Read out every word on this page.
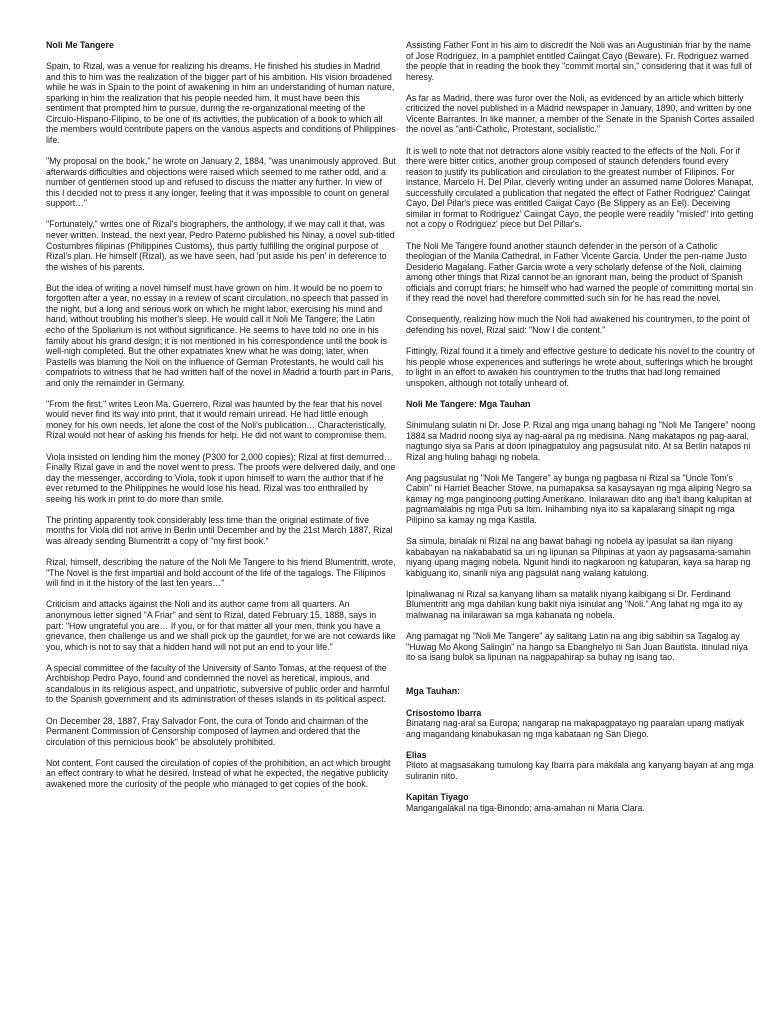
Noli Me Tangere

Spain, to Rizal, was a venue for realizing his dreams. He finished his studies in Madrid and this to him was the realization of the bigger part of his ambition. His vision broadened while he was in Spain to the point of awakening in him an understanding of human nature, sparking in him the realization that his people needed him. It must have been this sentiment that prompted him to pursue, during the re-organizational meeting of the Circulo-Hispano-Filipino, to be one of its activities, the publication of a book to which all the members would contribute papers on the various aspects and conditions of Philippines life.

"My proposal on the book," he wrote on January 2, 1884, "was unanimously approved. But afterwards difficulties and objections were raised which seemed to me rather odd, and a number of gentlemen stood up and refused to discuss the matter any further. In view of this I decided not to press it any longer, feeling that it was impossible to count on general support…"

"Fortunately," writes one of Rizal's biographers, the anthology, if we may call it that, was never written. Instead, the next year, Pedro Paterno published his Ninay, a novel sub-titled Costumbres filipinas (Philippines Customs), thus partly fulfilling the original purpose of Rizal's plan. He himself (Rizal), as we have seen, had 'put aside his pen' in deference to the wishes of his parents.

But the idea of writing a novel himself must have grown on him. It would be no poem to forgotten after a year, no essay in a review of scant circulation, no speech that passed in the night, but a long and serious work on which he might labor, exercising his mind and hand, without troubling his mother's sleep. He would call it Noli Me Tangere; the Latin echo of the Spoliarium is not without significance. He seems to have told no one in his family about his grand design; it is not mentioned in his correspondence until the book is well-nigh completed. But the other expatriates knew what he was doing; later, when Pastells was blaming the Noli on the influence of German Protestants, he would call his compatriots to witness that he had written half of the novel in Madrid a fourth part in Paris, and only the remainder in Germany.

"From the first," writes Leon Ma. Guerrero, Rizal was haunted by the fear that his novel would never find its way into print, that it would remain unread. He had little enough money for his own needs, let alone the cost of the Noli's publication… Characteristically, Rizal would not hear of asking his friends for help. He did not want to compromise them.

Viola insisted on lending him the money (P300 for 2,000 copies); Rizal at first demurred… Finally Rizal gave in and the novel went to press. The proofs were delivered daily, and one day the messenger, according to Viola, took it upon himself to warn the author that if he ever returned to the Philippines he would lose his head. Rizal was too enthralled by seeing his work in print to do more than smile.

The printing apparently took considerably less time than the original estimate of five months for Viola did not arrive in Berlin until December and by the 21st March 1887, Rizal was already sending Blumentritt a copy of "my first book."

Rizal, himself, describing the nature of the Noli Me Tangere to his friend Blumentritt, wrote, "The Novel is the first impartial and bold account of the life of the tagalogs. The Filipinos will find in it the history of the last ten years…"

Criticism and attacks against the Noli and its author came from all quarters. An anonymous letter signed "A Friar" and sent to Rizal, dated February 15, 1888, says in part: "How ungrateful you are… If you, or for that matter all your men, think you have a grievance, then challenge us and we shall pick up the gauntlet, for we are not cowards like you, which is not to say that a hidden hand will not put an end to your life."

A special committee of the faculty of the University of Santo Tomas, at the request of the Archbishop Pedro Payo, found and condemned the novel as heretical, impious, and scandalous in its religious aspect, and unpatriotic, subversive of public order and harmful to the Spanish government and its administration of theses islands in its political aspect.

On December 28, 1887, Fray Salvador Font, the cura of Tondo and chairman of the Permanent Commission of Censorship composed of laymen and ordered that the circulation of this pernicious book" be absolutely prohibited.

Not content, Font caused the circulation of copies of the prohibition, an act which brought an effect contrary to what he desired. Instead of what he expected, the negative publicity awakened more the curiosity of the people who managed to get copies of the book.

Assisting Father Font in his aim to discredit the Noli was an Augustinian friar by the name of Jose Rodriguez. In a pamphlet entitled Caiingat Cayo (Beware). Fr. Rodriguez warned the people that in reading the book they "commit mortal sin," considering that it was full of heresy.

As far as Madrid, there was furor over the Noli, as evidenced by an article which bitterly criticized the novel published in a Madrid newspaper in January, 1890, and written by one Vicente Barrantes. In like manner, a member of the Senate in the Spanish Cortes assailed the novel as "anti-Catholic, Protestant, socialistic."

It is well to note that not detractors alone visibly reacted to the effects of the Noli. For if there were bitter critics, another group composed of staunch defenders found every reason to justify its publication and circulation to the greatest number of Filipinos. For instance, Marcelo H. Del Pilar, cleverly writing under an assumed name Dolores Manapat, successfully circulated a publication that negated the effect of Father Rodriguez' Caiingat Cayo, Del Pilar's piece was entitled Caiigat Cayo (Be Slippery as an Eel). Deceiving similar in format to Rodriguez' Caiingat Cayo, the people were readily "misled" into getting not a copy o Rodriguez' piece but Del Pillar's.

The Noli Me Tangere found another staunch defender in the person of a Catholic theologian of the Manila Cathedral, in Father Vicente Garcia. Under the pen-name Justo Desiderio Magalang. Father Garcia wrote a very scholarly defense of the Noli, claiming among other things that Rizal cannot be an ignorant man, being the product of Spanish officials and corrupt friars; he himself who had warned the people of committing mortal sin if they read the novel had therefore committed such sin for he has read the novel.

Consequently, realizing how much the Noli had awakened his countrymen, to the point of defending his novel, Rizal said: "Now I die content."

Fittingly, Rizal found it a timely and effective gesture to dedicate his novel to the country of his people whose experiences and sufferings he wrote about, sufferings which he brought to light in an effort to awaken his countrymen to the truths that had long remained unspoken, although not totally unheard of.

Noli Me Tangere: Mga Tauhan

Sinimulang sulatin ni Dr. Jose P. Rizal ang mga unang bahagi ng "Noli Me Tangere" noong 1884 sa Madrid noong siya ay nag-aaral pa ng medisina. Nang makatapos ng pag-aaral, nagtungo siya sa Paris at doon ipinagpatuloy ang pagsusulat nito. At sa Berlin natapos ni Rizal ang huling bahagi ng nobela.

Ang pagsusulat ng "Noli Me Tangere" ay bunga ng pagbasa ni Rizal sa "Uncle Tom's Cabin" ni Harriet Beacher Stowe, na pumapaksa sa kasaysayan ng mga aliping Negro sa kamay ng mga panginoong putting Amerikano. Inilarawan dito ang iba't ibang kalupitan at pagmamalabis ng mga Puti sa Itim. Inihambing niya ito sa kapalarang sinapit ng mga Pilipino sa kamay ng mga Kastila.

Sa simula, binalak ni Rizal na ang bawat bahagi ng nobela ay ipasulat sa ilan niyang kababayan na nakababatid sa uri ng lipunan sa Pilipinas at yaon ay pagsasama-samahin niyang upang maging nobela. Ngunit hindi ito nagkaroon ng katuparan, kaya sa harap ng kabiguang ito, sinarili niya ang pagsulat nang walang katulong.

Ipinaliwanag ni Rizal sa kanyang liham sa matalik niyang kaibigang si Dr. Ferdinand Blumentritt ang mga dahilan kung bakit niya isinulat ang "Noli." Ang lahat ng mga ito ay maliwanag na inilarawan sa mga kabanata ng nobela.

Ang pamagat ng "Noli Me Tangere" ay salitang Latin na ang ibig sabihin sa Tagalog ay "Huwag Mo Akong Salingin" na hango sa Ebanghelyo ni San Juan Bautista. Itinulad niya ito sa isang bulok sa lipunan na nagpapahirap sa buhay ng isang tao.

Mga Tauhan:
Crisostomo Ibarra
Binatang nag-aral sa Europa; nangarap na makapagpatayo ng paaralan upang matiyak ang magandang kinabukasan ng mga kabataan ng San Diego.
Elias
Piloto at magsasakang tumulong kay Ibarra para makilala ang kanyang bayan at ang mga suliranin nito.
Kapitan Tiyago
Mangangalakal na tiga-Binondo; ama-amahan ni Maria Clara.
